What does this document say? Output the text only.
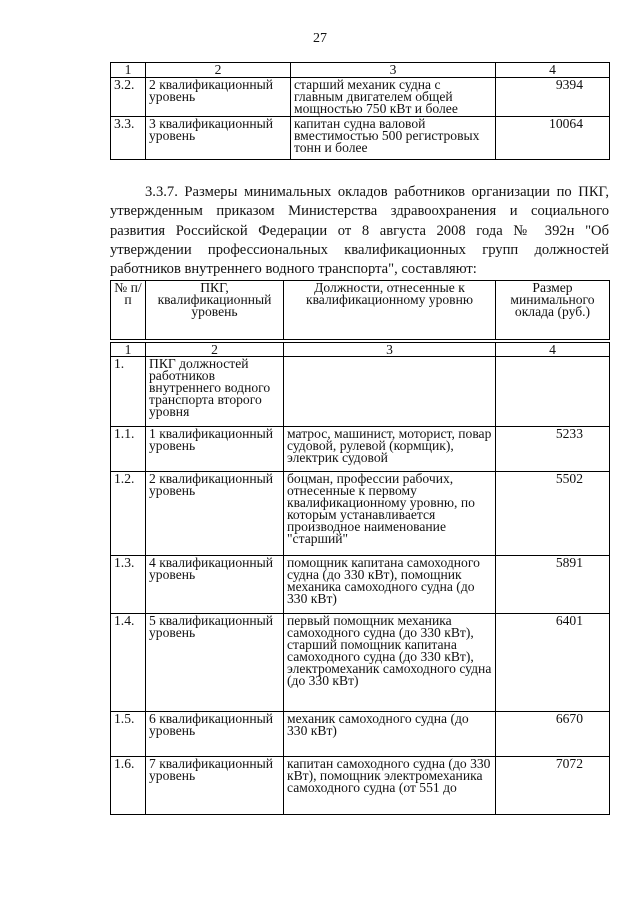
27
1	2	3	4
3.2.	2 квалификационный уровень	старший механик судна с главным двигателем общей мощностью 750 кВт и более	9394
3.3.	3 квалификационный уровень	капитан судна валовой вместимостью 500 регистровых тонн и более	10064
3.3.7. Размеры минимальных окладов работников организации по ПКГ,
утвержденным приказом Министерства здравоохранения и социального
развития Российской Федерации от 8 августа 2008 года № 392н "Об
утверждении профессиональных квалификационных групп должностей
работников внутреннего водного транспорта", составляют:
№ п/п	ПКГ, квалификационный уровень	Должности, отнесенные к квалификационному уровню	Размер минимального оклада (руб.)

1	2	3	4
1.	ПКГ должностей работников внутреннего водного транспорта второго уровня		
1.1.	1 квалификационный уровень	матрос, машинист, моторист, повар судовой, рулевой (кормщик), электрик судовой	5233
1.2.	2 квалификационный уровень	боцман, профессии рабочих, отнесенные к первому квалификационному уровню, по которым устанавливается производное наименование "старший"	5502
1.3.	4 квалификационный уровень	помощник капитана самоходного судна (до 330 кВт), помощник механика самоходного судна (до 330 кВт)	5891
1.4.	5 квалификационный уровень	первый помощник механика самоходного судна (до 330 кВт), старший помощник капитана самоходного судна (до 330 кВт), электромеханик самоходного судна (до 330 кВт)	6401
1.5.	6 квалификационный уровень	механик самоходного судна (до 330 кВт)	6670
1.6.	7 квалификационный уровень	капитан самоходного судна (до 330 кВт), помощник электромеханика самоходного судна (от 551 до	7072
